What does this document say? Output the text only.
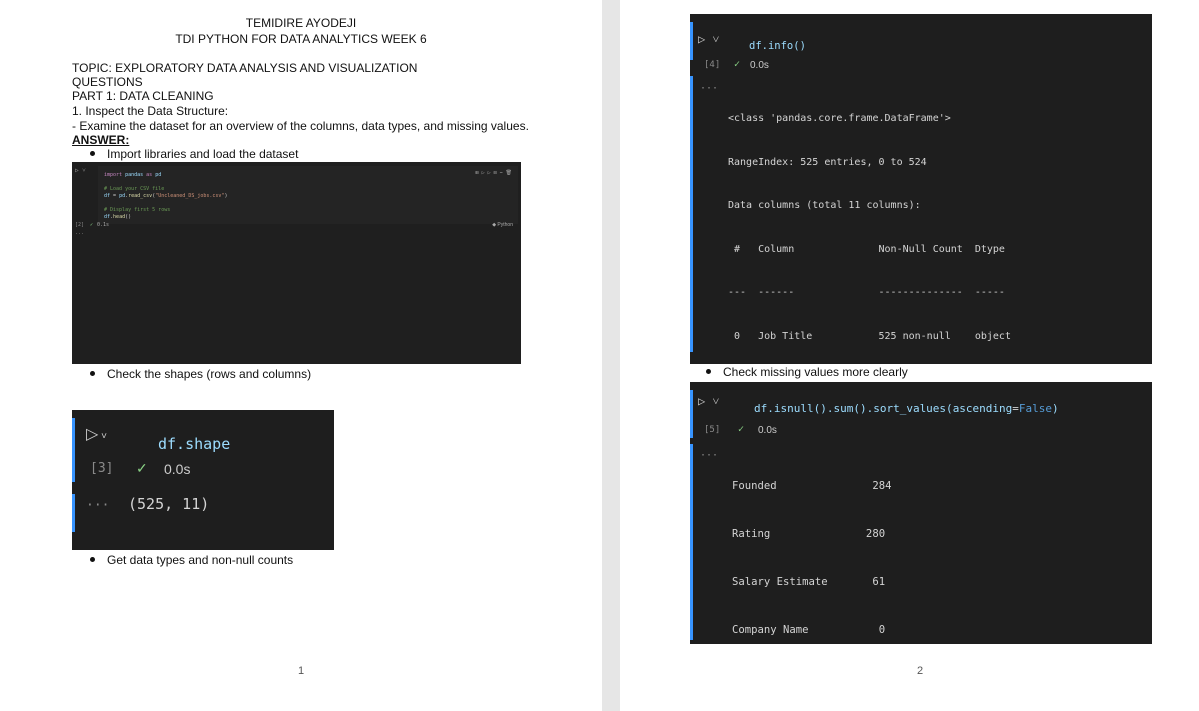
TEMIDIRE AYODEJI
TDI PYTHON FOR DATA ANALYTICS WEEK 6
TOPIC: EXPLORATORY DATA ANALYSIS AND VISUALIZATION
QUESTIONS
PART 1: DATA CLEANING
1. Inspect the Data Structure:
- Examine the dataset for an overview of the columns, data types, and missing values.
ANSWER:
Import libraries and load the dataset
▷ ˅
import pandas as pd
# Load your CSV file
df = pd.read_csv("Uncleaned_DS_jobs.csv")
# Display first 5 rows
df.head()
⊞ ▷ ▷ ⊟ ⋯ 🗑
[2] ✓ 0.1s	◆ Python
...

Check the shapes (rows and columns)
▷ ˅	df.shape
[3] ✓ 0.0s
··· (525, 11)
Get data types and non-null counts
1
▷ ˅	df.info()
[4] ✓ 0.0s
···

<class 'pandas.core.frame.DataFrame'>

RangeIndex: 525 entries, 0 to 524

Data columns (total 11 columns):

#   Column              Non-Null Count  Dtype

---  ------              --------------  -----

0   Job Title           525 non-null    object

Check missing values more clearly
▷ ˅
df.isnull().sum().sort_values(ascending=False)
[5] ✓ 0.0s
···

Founded               284

Rating               280

Salary Estimate       61

Company Name           0

2
